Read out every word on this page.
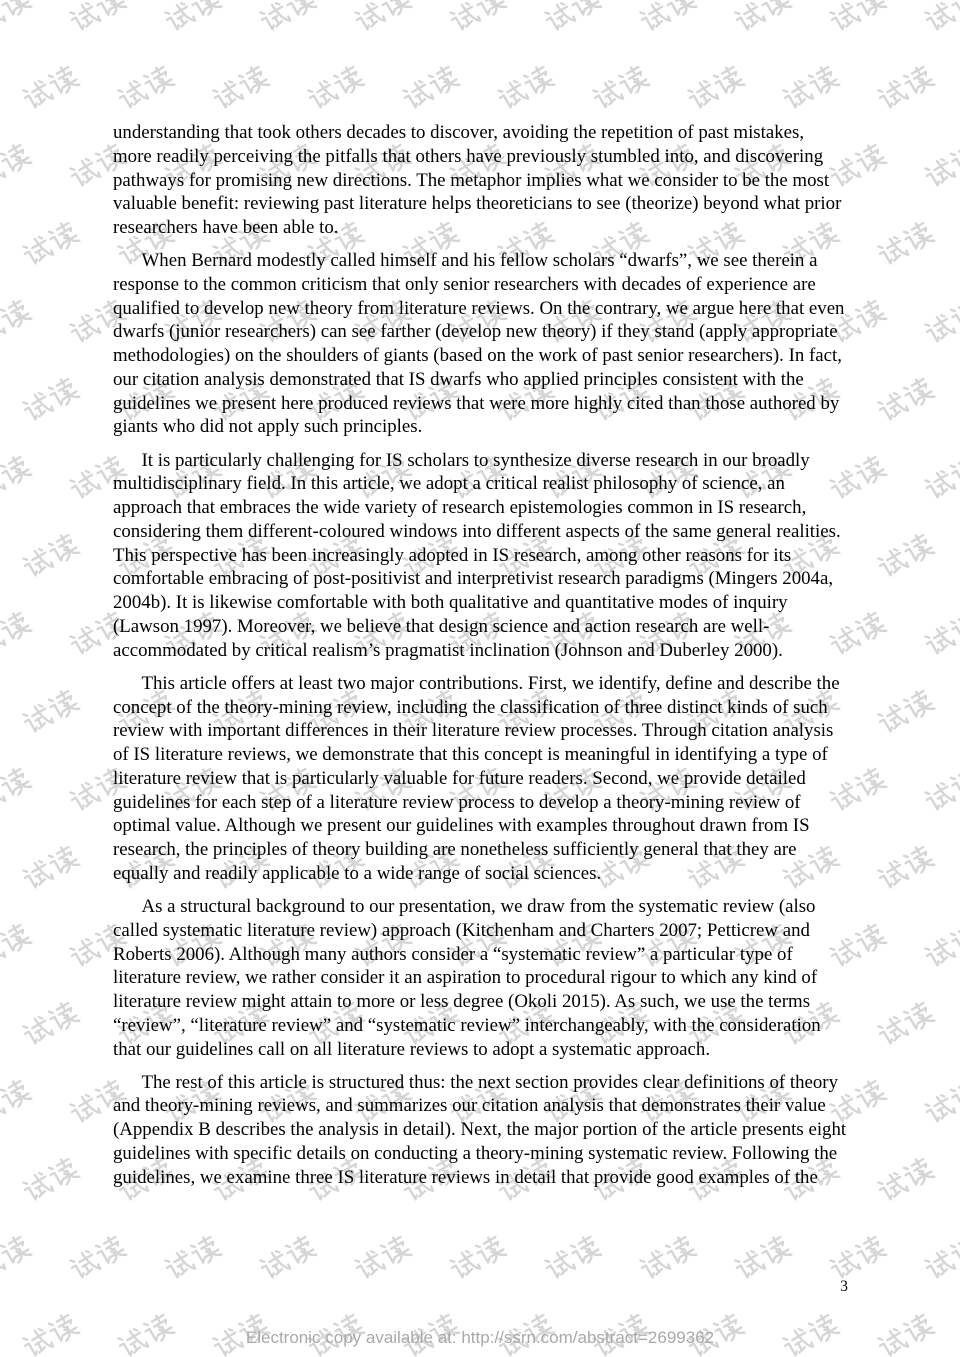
understanding that took others decades to discover, avoiding the repetition of past mistakes,
more readily perceiving the pitfalls that others have previously stumbled into, and discovering
pathways for promising new directions. The metaphor implies what we consider to be the most
valuable benefit: reviewing past literature helps theoreticians to see (theorize) beyond what prior
researchers have been able to.
When Bernard modestly called himself and his fellow scholars “dwarfs”, we see therein a
response to the common criticism that only senior researchers with decades of experience are
qualified to develop new theory from literature reviews. On the contrary, we argue here that even
dwarfs (junior researchers) can see farther (develop new theory) if they stand (apply appropriate
methodologies) on the shoulders of giants (based on the work of past senior researchers). In fact,
our citation analysis demonstrated that IS dwarfs who applied principles consistent with the
guidelines we present here produced reviews that were more highly cited than those authored by
giants who did not apply such principles.
It is particularly challenging for IS scholars to synthesize diverse research in our broadly
multidisciplinary field. In this article, we adopt a critical realist philosophy of science, an
approach that embraces the wide variety of research epistemologies common in IS research,
considering them different-coloured windows into different aspects of the same general realities.
This perspective has been increasingly adopted in IS research, among other reasons for its
comfortable embracing of post-positivist and interpretivist research paradigms (Mingers 2004a,
2004b). It is likewise comfortable with both qualitative and quantitative modes of inquiry
(Lawson 1997). Moreover, we believe that design science and action research are well-
accommodated by critical realism’s pragmatist inclination (Johnson and Duberley 2000).
This article offers at least two major contributions. First, we identify, define and describe the
concept of the theory-mining review, including the classification of three distinct kinds of such
review with important differences in their literature review processes. Through citation analysis
of IS literature reviews, we demonstrate that this concept is meaningful in identifying a type of
literature review that is particularly valuable for future readers. Second, we provide detailed
guidelines for each step of a literature review process to develop a theory-mining review of
optimal value. Although we present our guidelines with examples throughout drawn from IS
research, the principles of theory building are nonetheless sufficiently general that they are
equally and readily applicable to a wide range of social sciences.
As a structural background to our presentation, we draw from the systematic review (also
called systematic literature review) approach (Kitchenham and Charters 2007; Petticrew and
Roberts 2006). Although many authors consider a “systematic review” a particular type of
literature review, we rather consider it an aspiration to procedural rigour to which any kind of
literature review might attain to more or less degree (Okoli 2015). As such, we use the terms
“review”, “literature review” and “systematic review” interchangeably, with the consideration
that our guidelines call on all literature reviews to adopt a systematic approach.
The rest of this article is structured thus: the next section provides clear definitions of theory
and theory-mining reviews, and summarizes our citation analysis that demonstrates their value
(Appendix B describes the analysis in detail). Next, the major portion of the article presents eight
guidelines with specific details on conducting a theory-mining systematic review. Following the
guidelines, we examine three IS literature reviews in detail that provide good examples of the
3
Electronic copy available at: http://ssrn.com/abstract=2699362
